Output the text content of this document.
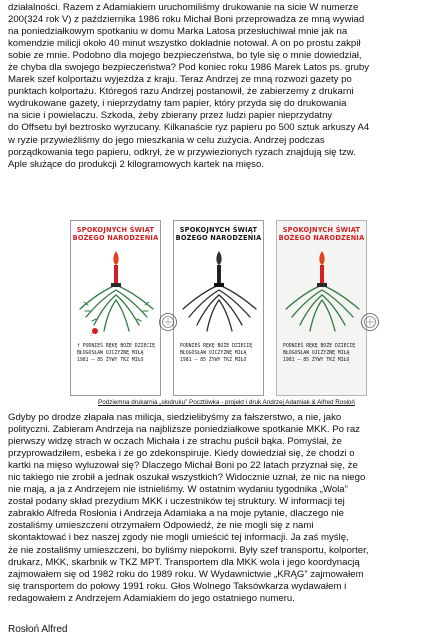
działalności. Razem z Adamiakiem uruchomiliśmy drukowanie na sicie W numerze
200(324 rok V) z października 1986 roku Michał Boni przeprowadza ze mną wywiad
na poniedziałkowym spotkaniu w domu Marka Latosa przesłuchiwał mnie jak na
komendzie milicji około 40 minut wszystko dokładnie notował. A on po prostu zakpił
sobie ze mnie. Podobno dla mojego bezpieczeństwa, bo tyle się o mnie dowiedział,
że chyba dla swojego bezpieczeństwa? Pod koniec roku 1986 Marek Latos ps. gruby
Marek szef kolportażu wyjeżdża z kraju. Teraz Andrzej ze mną rozwozi gazety po
punktach kolportażu. Któregoś razu Andrzej postanowił, że zabierzemy z drukarni
wydrukowane gazety, i nieprzydatny tam papier, który przyda się do drukowania
na sicie i powielaczu. Szkoda, żeby zbierany przez ludzi papier nieprzydatny
do Offsetu był beztrosko wyrzucany. Kilkanaście ryz papieru po 500 sztuk arkuszy A4
w ryzie przywieźliśmy do jego mieszkania w celu zużycia. Andrzej podczas
porządkowania tego papieru, odkrył, że w przywiezionych ryzach znajdują się tzw.
Aple służące do produkcji 2 kilogramowych kartek na mięso.

SPOKOJNYCH ŚWIĄT
BOŻEGO NARODZENIA
☆
† PODNIEŚ RĘKĘ BOŻE DZIECIĘ
BŁOGOSŁAW OJCZYZNĘ MIŁĄ
1981 — 85 ŻYWY TKZ MIŁO
SPOKOJNYCH ŚWIĄT
BOŻEGO NARODZENIA
PODNIEŚ RĘKĘ BOŻE DZIECIĘ
BŁOGOSŁAW OJCZYZNĘ MIŁĄ
1981 — 85 ŻYWY TKZ MIŁO
SPOKOJNYCH ŚWIĄT
BOŻEGO NARODZENIA
PODNIEŚ RĘKĘ BOŻE DZIECIĘ
BŁOGOSŁAW OJCZYZNĘ MIŁĄ
1981 — 85 ŻYWY TKZ MIŁO
Podziemna drukarnia „słodruku” Pocztówka - projekt i druk Andrzej Adamiak & Alfred Rosłoń

Gdyby po drodze złapała nas milicja, siedzielibyśmy za fałszerstwo, a nie, jako
polityczni. Zabieram Andrzeja na najbliższe poniedziałkowe spotkanie MKK. Po raz
pierwszy widzę strach w oczach Michała i ze strachu puścił bąka. Pomyślał, że
przyprowadziłem, esbeka i że go zdekonspiruje. Kiedy dowiedział się, że chodzi o
kartki na mięso wyluzował się? Dlaczego Michał Boni po 22 latach przyznał się, że
nic takiego nie zrobił a jednak oszukał wszystkich? Widocznie uznał, że nic na niego
nie mają, a ja z Andrzejem nie istnieliśmy. W ostatnim wydaniu tygodnika „Wola”
został podany skład prezydium MKK i uczestników tej struktury. W informacji tej
zabrakło Alfreda Rosłonia i Andrzeja Adamiaka a na moje pytanie, dlaczego nie
zostaliśmy umieszczeni otrzymałem Odpowiedź, że nie mogli się z nami
skontaktować i bez naszej zgody nie mogli umieścić tej informacji. Ja zaś myślę,
że nie zostaliśmy umieszczeni, bo byliśmy niepokorni. Były szef transportu, kolporter,
drukarz, MKK, skarbnik w TKZ MPT. Transportem dla MKK wola i jego koordynacją
zajmowałem się od 1982 roku do 1989 roku. W Wydawnictwie „KRĄG” zajmowałem
się transportem do połowy 1991 roku. Głos Wolnego Taksówkarza wydawałem i
redagowałem z Andrzejem Adamiakiem do jego ostatniego numeru.

Rosłoń Alfred
